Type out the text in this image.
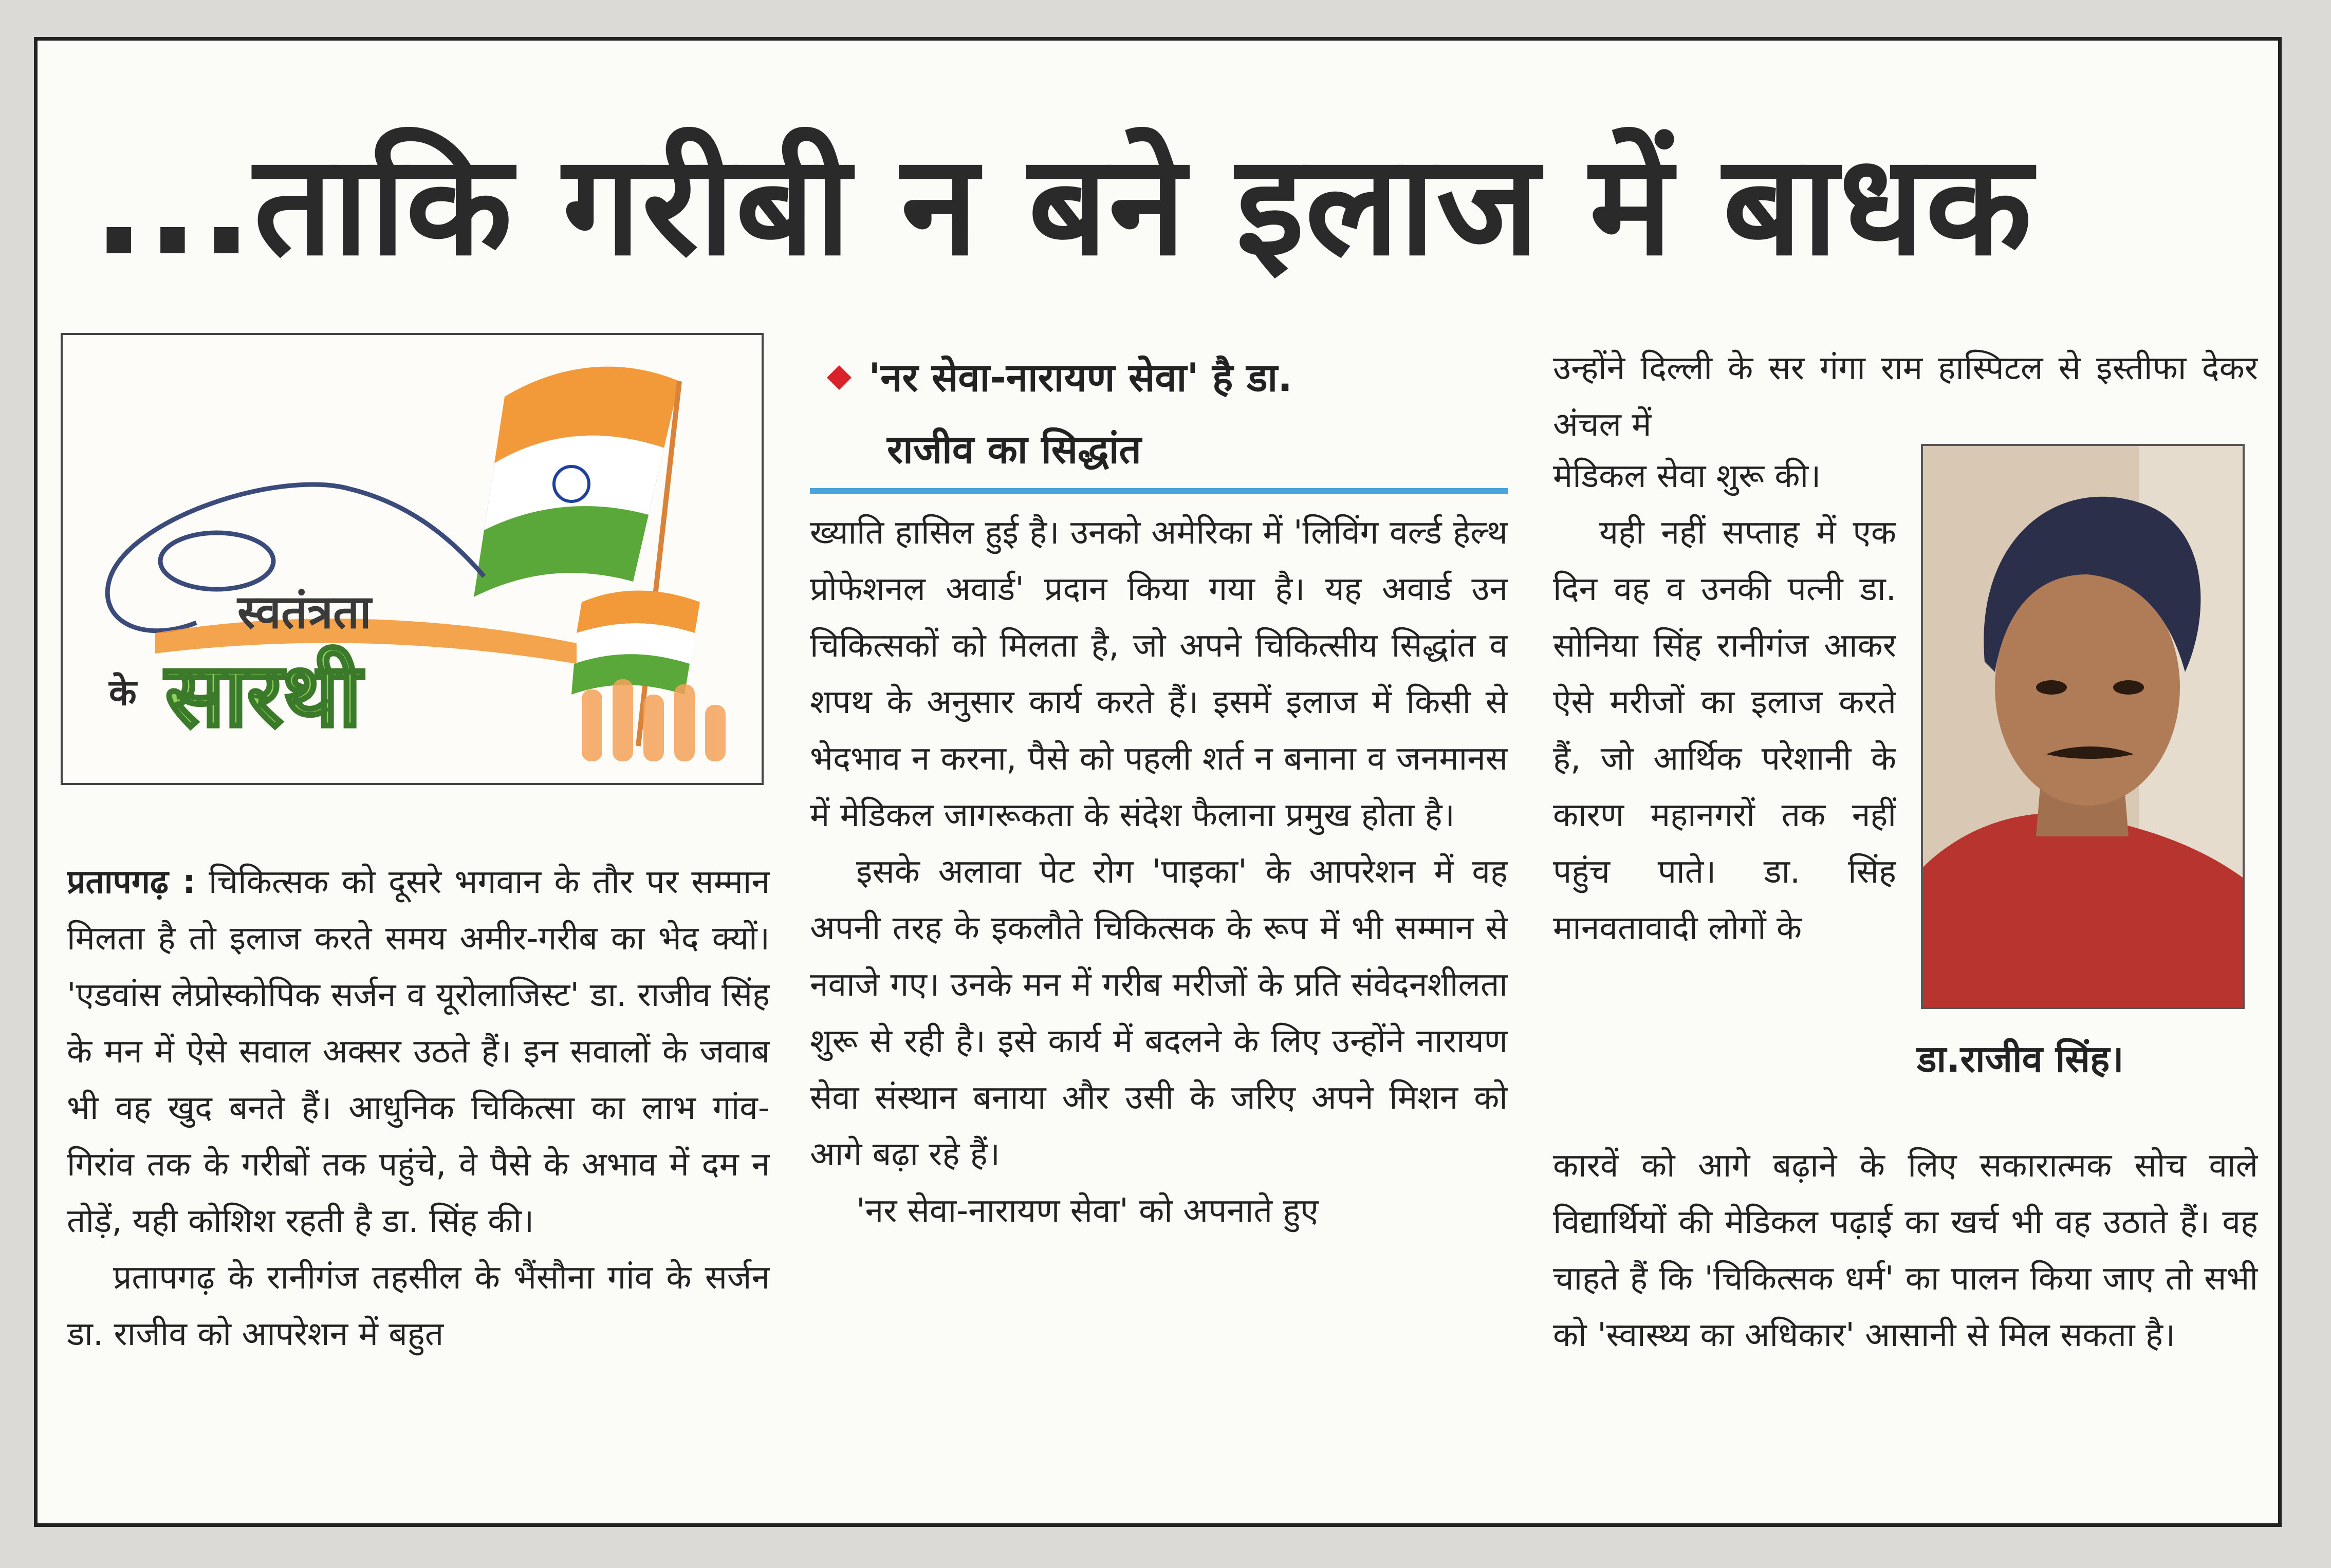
...ताकि गरीबी न बने इलाज में बाधक
स्वतंत्रता
के सारथी

प्रतापगढ़ : चिकित्सक को दूसरे भगवान के तौर पर सम्मान मिलता है तो इलाज करते समय अमीर-गरीब का भेद क्यों। 'एडवांस लेप्रोस्कोपिक सर्जन व यूरोलाजिस्ट' डा. राजीव सिंह के मन में ऐसे सवाल अक्सर उठते हैं। इन सवालों के जवाब भी वह खुद बनते हैं। आधुनिक चिकित्सा का लाभ गांव-गिरांव तक के गरीबों तक पहुंचे, वे पैसे के अभाव में दम न तोड़ें, यही कोशिश रहती है डा. सिंह की।

प्रतापगढ़ के रानीगंज तहसील के भैंसौना गांव के सर्जन डा. राजीव को आपरेशन में बहुत

'नर सेवा-नारायण सेवा' है डा.
राजीव का सिद्धांत

ख्याति हासिल हुई है। उनको अमेरिका में 'लिविंग वर्ल्ड हेल्थ प्रोफेशनल अवार्ड' प्रदान किया गया है। यह अवार्ड उन चिकित्सकों को मिलता है, जो अपने चिकित्सीय सिद्धांत व शपथ के अनुसार कार्य करते हैं। इसमें इलाज में किसी से भेदभाव न करना, पैसे को पहली शर्त न बनाना व जनमानस में मेडिकल जागरूकता के संदेश फैलाना प्रमुख होता है।

इसके अलावा पेट रोग 'पाइका' के आपरेशन में वह अपनी तरह के इकलौते चिकित्सक के रूप में भी सम्मान से नवाजे गए। उनके मन में गरीब मरीजों के प्रति संवेदनशीलता शुरू से रही है। इसे कार्य में बदलने के लिए उन्होंने नारायण सेवा संस्थान बनाया और उसी के जरिए अपने मिशन को आगे बढ़ा रहे हैं।

'नर सेवा-नारायण सेवा' को अपनाते हुए

उन्होंने दिल्ली के सर गंगा राम हास्पिटल से इस्तीफा देकर अंचल में

मेडिकल सेवा शुरू की।

यही नहीं सप्ताह में एक दिन वह व उनकी पत्नी डा. सोनिया सिंह रानीगंज आकर ऐसे मरीजों का इलाज करते हैं, जो आर्थिक परेशानी के कारण महानगरों तक नहीं पहुंच पाते। डा. सिंह मानवतावादी लोगों के

कारवें को आगे बढ़ाने के लिए सकारात्मक सोच वाले विद्यार्थियों की मेडिकल पढ़ाई का खर्च भी वह उठाते हैं। वह चाहते हैं कि 'चिकित्सक धर्म' का पालन किया जाए तो सभी को 'स्वास्थ्य का अधिकार' आसानी से मिल सकता है।

डा.राजीव सिंह।
